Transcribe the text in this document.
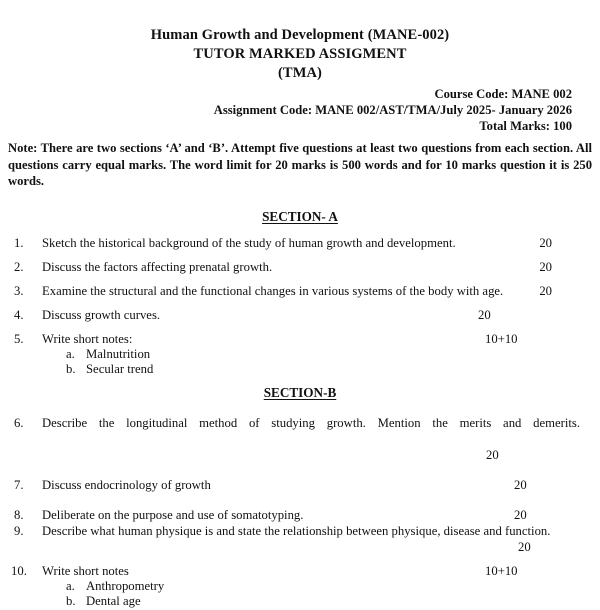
Human Growth and Development (MANE-002)
TUTOR MARKED ASSIGMENT
(TMA)
Course Code: MANE 002
Assignment Code: MANE 002/AST/TMA/July 2025- January 2026
Total Marks: 100
Note: There are two sections ‘A’ and ‘B’. Attempt five questions at least two questions from each section. All questions carry equal marks. The word limit for 20 marks is 500 words and for 10 marks question it is 250 words.
SECTION- A
1.	Sketch the historical background of the study of human growth and development.	20
2.	Discuss the factors affecting prenatal growth.	20
3.	Examine the structural and the functional changes in various systems of the body with age.	20
4.	Discuss growth curves.	20
5.	Write short notes:	10+10
a. Malnutrition
b. Secular trend
SECTION-B
6.	Describe the longitudinal method of studying growth. Mention the merits and demerits.
20
7.	Discuss endocrinology of growth	20
8.	Deliberate on the purpose and use of somatotyping.	20
9.	Describe what human physique is and state the relationship between physique, disease and function.
20
10.	Write short notes	10+10
a. Anthropometry
b. Dental age
